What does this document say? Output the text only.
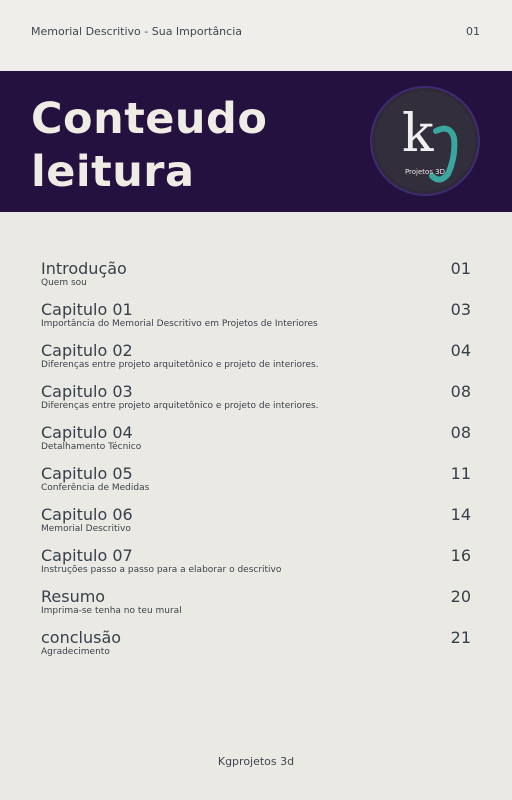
Memorial Descritivo - Sua Importância	01
Conteudo
leitura
k
Projetos 3D
Introdução
Quem sou
01
Capitulo 01
Importância do Memorial Descritivo em Projetos de Interiores
03
Capitulo 02
Diferenças entre projeto arquitetônico e projeto de interiores.
04
Capitulo 03
Diferenças entre projeto arquitetônico e projeto de interiores.
08
Capitulo 04
Detalhamento Técnico
08
Capitulo 05
Conferência de Medidas
11
Capitulo 06
Memorial Descritivo
14
Capitulo 07
Instruções passo a passo para a elaborar o descritivo
16
Resumo
Imprima-se tenha no teu mural
20
conclusão
Agradecimento
21
Kgprojetos 3d
